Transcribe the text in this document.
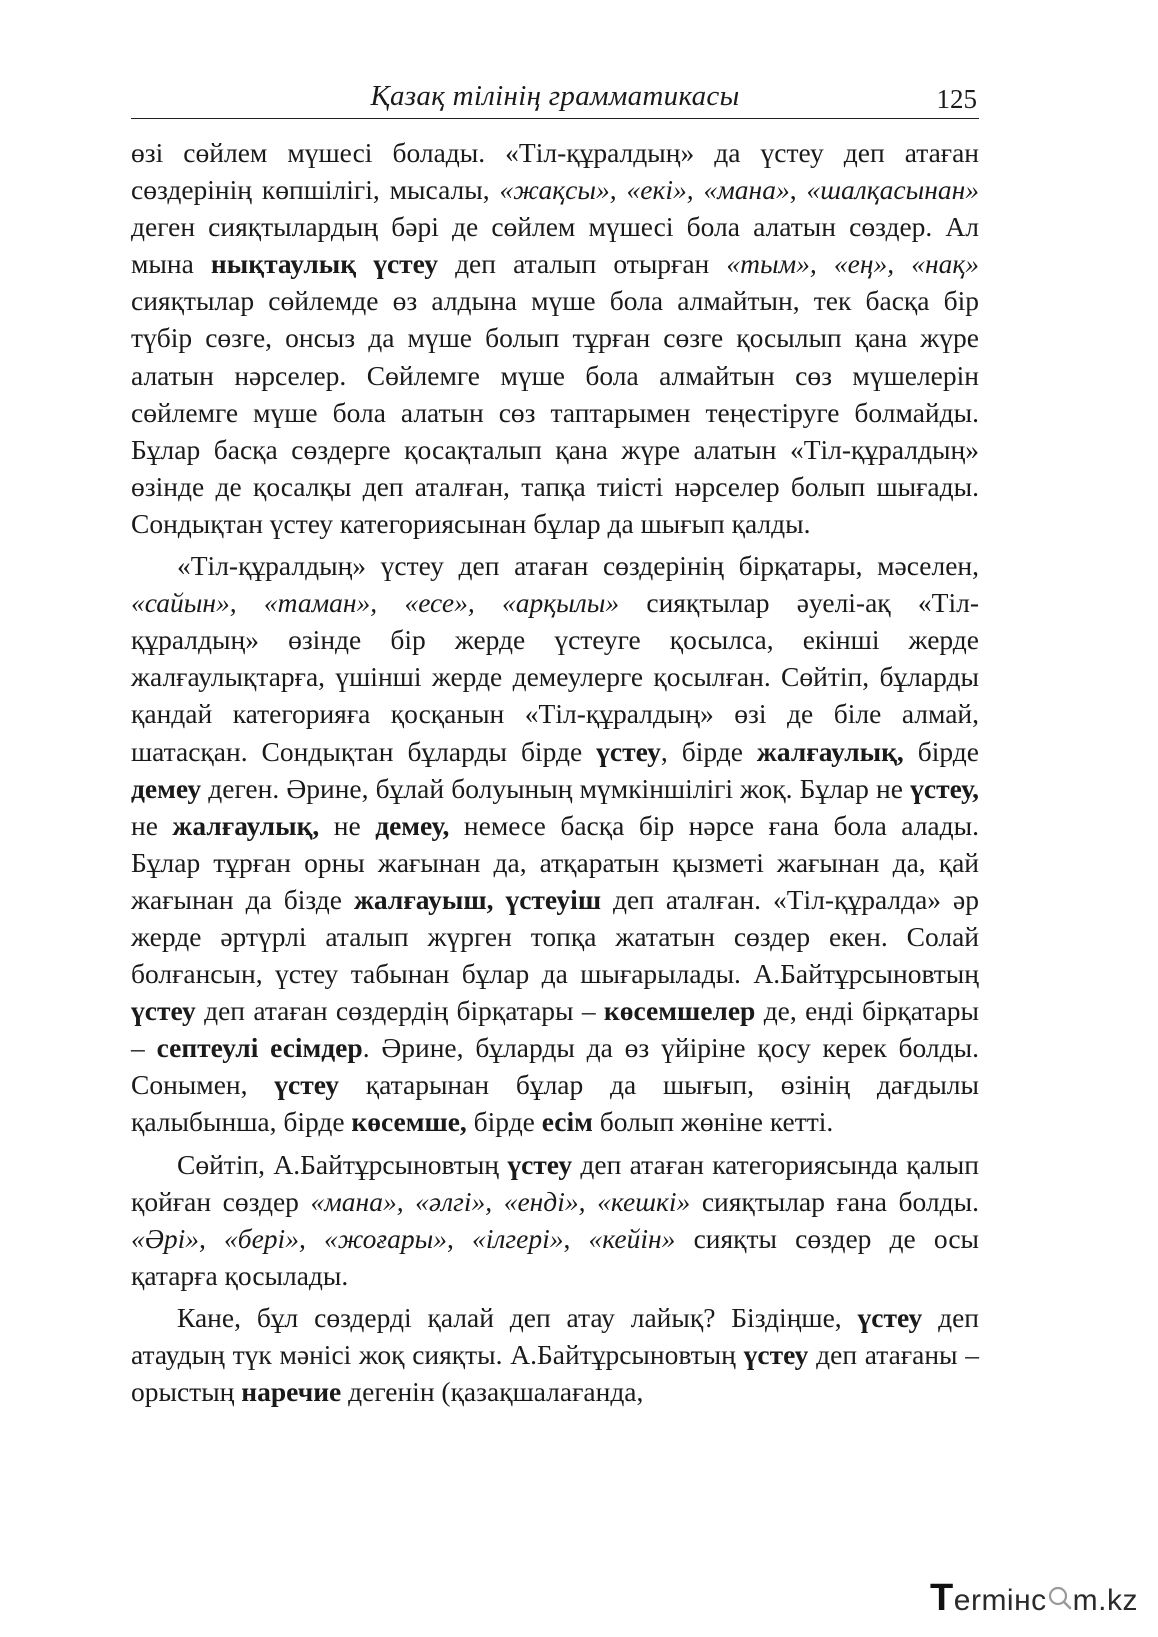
Қазақ тілінің грамматикасы	125

өзі сөйлем мүшесі болады. «Тіл-құралдың» да үстеу деп атаған сөздерінің көпшілігі, мысалы, «жақсы», «екі», «мана», «шалқасынан» деген сияқтылардың бәрі де сөйлем мүшесі бола алатын сөздер. Ал мына нықтаулық үстеу деп аталып отырған «тым», «ең», «нақ» сияқтылар сөйлемде өз алдына мүше бола алмайтын, тек басқа бір түбір сөзге, онсыз да мүше болып тұрған сөзге қосылып қана жүре алатын нәрселер. Сөйлемге мүше бола алмайтын сөз мүшелерін сөйлемге мүше бола алатын сөз таптарымен теңестіруге болмайды. Бұлар басқа сөздерге қосақталып қана жүре алатын «Тіл-құралдың» өзінде де қосалқы деп аталған, тапқа тиісті нәрселер болып шығады. Сондықтан үстеу категориясынан бұлар да шығып қалды.

«Тіл-құралдың» үстеу деп атаған сөздерінің бірқатары, мәселен, «сайын», «таман», «есе», «арқылы» сияқтылар әуелі-ақ «Тіл-құралдың» өзінде бір жерде үстеуге қосылса, екінші жерде жалғаулықтарға, үшінші жерде демеулерге қосылған. Сөйтіп, бұларды қандай категорияға қосқанын «Тіл-құралдың» өзі де біле алмай, шатасқан. Сондықтан бұларды бірде үстеу, бірде жалғаулық, бірде демеу деген. Әрине, бұлай болуының мүмкіншілігі жоқ. Бұлар не үстеу, не жалғаулық, не демеу, немесе басқа бір нәрсе ғана бола алады. Бұлар тұрған орны жағынан да, атқаратын қызметі жағынан да, қай жағынан да бізде жалғауыш, үстеуіш деп аталған. «Тіл-құралда» әр жерде әртүрлі аталып жүрген топқа жататын сөздер екен. Солай болғансын, үстеу табынан бұлар да шығарылады. А.Байтұрсыновтың үстеу деп атаған сөздердің бірқатары – көсемшелер де, енді бірқатары – септеулі есімдер. Әрине, бұларды да өз үйіріне қосу керек болды. Сонымен, үстеу қатарынан бұлар да шығып, өзінің дағдылы қалыбынша, бірде көсемше, бірде есім болып жөніне кетті.

Сөйтіп, А.Байтұрсыновтың үстеу деп атаған категориясында қалып қойған сөздер «мана», «әлгі», «енді», «кешкі» сияқтылар ғана болды. «Әрі», «бері», «жоғары», «ілгері», «кейін» сияқты сөздер де осы қатарға қосылады.

Кане, бұл сөздерді қалай деп атау лайық? Біздіңше, үстеу деп атаудың түк мәнісі жоқ сияқты. А.Байтұрсыновтың үстеу деп атағаны – орыстың наречие дегенін (қазақшалағанда,

Termінc m.kz
